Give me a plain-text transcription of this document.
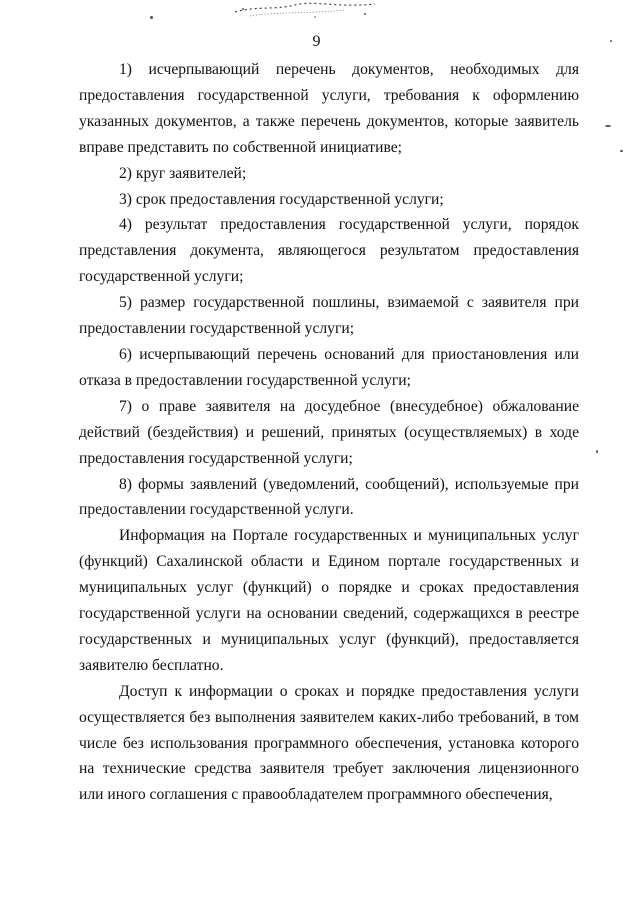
9

1) исчерпывающий перечень документов, необходимых для предоставления государственной услуги, требования к оформлению указанных документов, а также перечень документов, которые заявитель вправе представить по собственной инициативе;

2) круг заявителей;

3) срок предоставления государственной услуги;

4) результат предоставления государственной услуги, порядок представления документа, являющегося результатом предоставления государственной услуги;

5) размер государственной пошлины, взимаемой с заявителя при предоставлении государственной услуги;

6) исчерпывающий перечень оснований для приостановления или отказа в предоставлении государственной услуги;

7) о праве заявителя на досудебное (внесудебное) обжалование действий (бездействия) и решений, принятых (осуществляемых) в ходе предоставления государственной услуги;

8) формы заявлений (уведомлений, сообщений), используемые при предоставлении государственной услуги.

Информация на Портале государственных и муниципальных услуг (функций) Сахалинской области и Едином портале государственных и муниципальных услуг (функций) о порядке и сроках предоставления государственной услуги на основании сведений, содержащихся в реестре государственных и муниципальных услуг (функций), предоставляется заявителю бесплатно.

Доступ к информации о сроках и порядке предоставления услуги осуществляется без выполнения заявителем каких-либо требований, в том числе без использования программного обеспечения, установка которого на технические средства заявителя требует заключения лицензионного или иного соглашения с правообладателем программного обеспечения,
